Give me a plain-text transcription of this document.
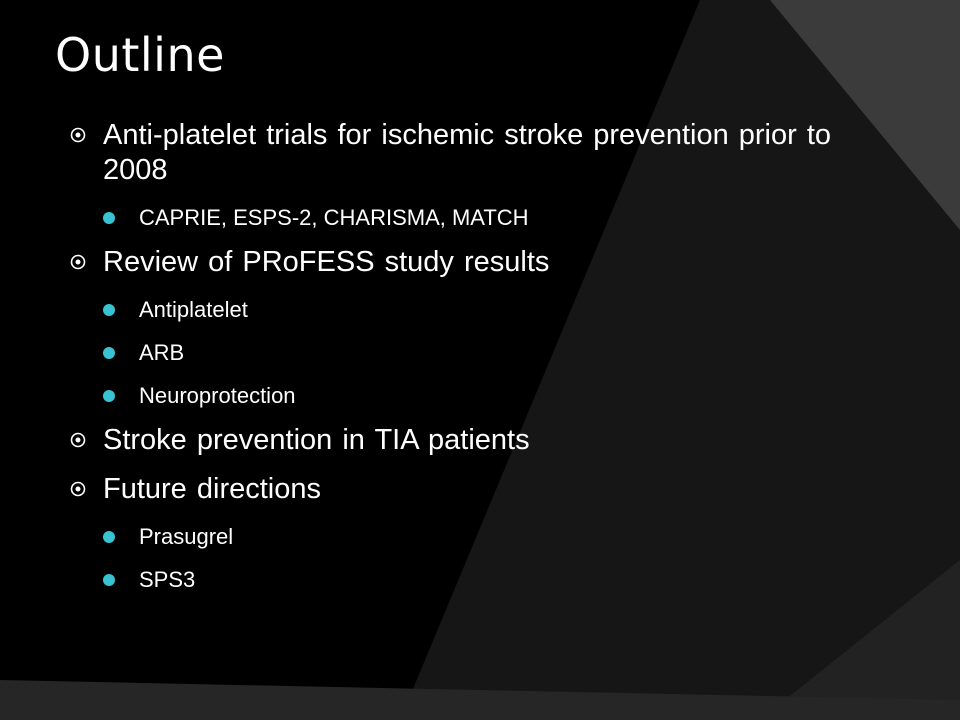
Outline
Anti-platelet trials for ischemic stroke prevention prior to 2008
CAPRIE, ESPS-2, CHARISMA, MATCH
Review of PRoFESS study results
Antiplatelet
ARB
Neuroprotection
Stroke prevention in TIA patients
Future directions
Prasugrel
SPS3
